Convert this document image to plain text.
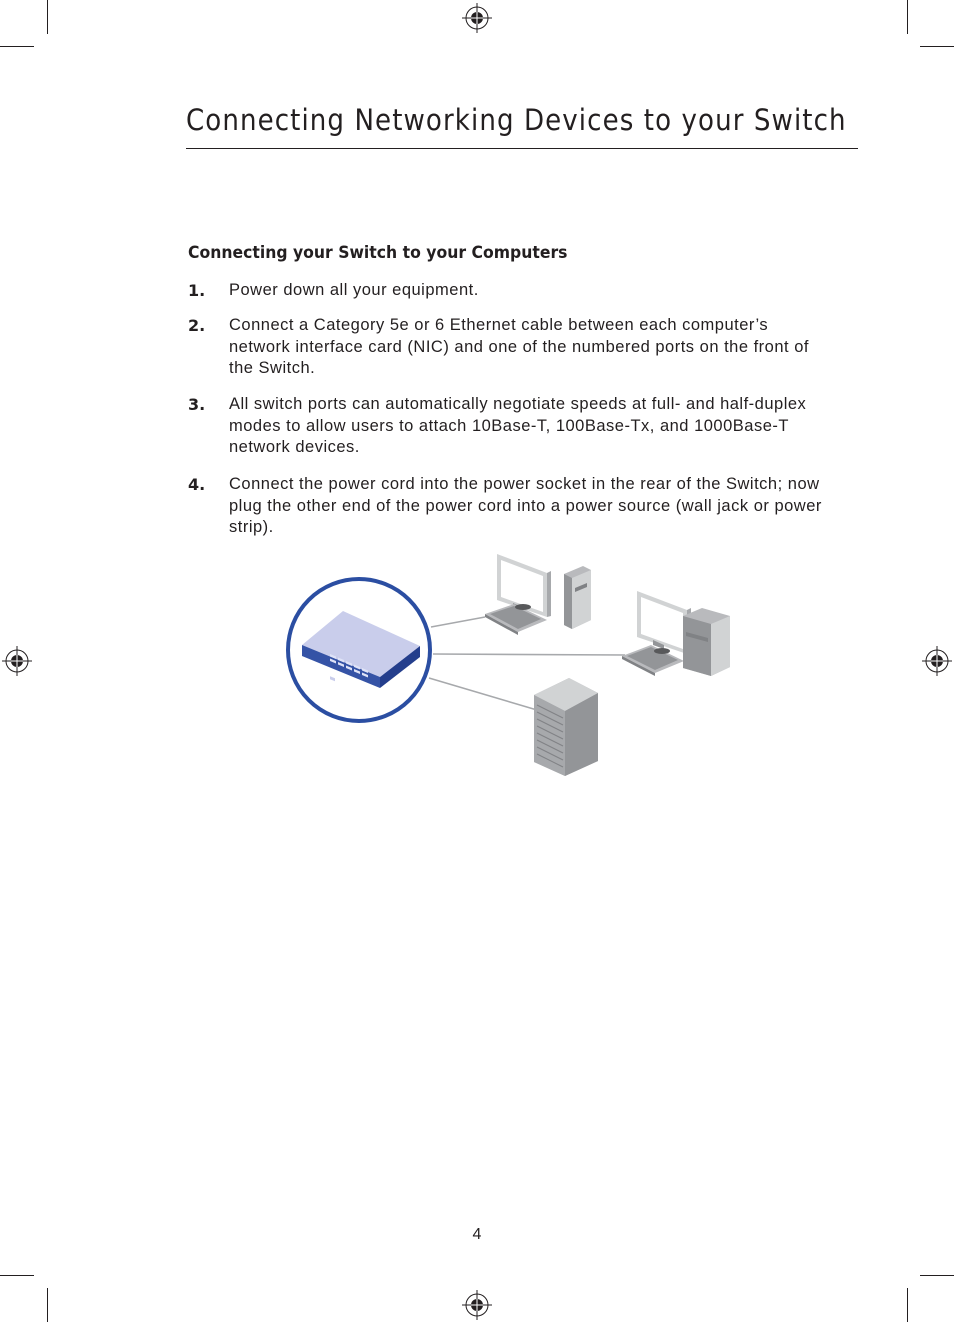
Connecting Networking Devices to your Switch
Connecting your Switch to your Computers
1. Power down all your equipment.
2. Connect a Category 5e or 6 Ethernet cable between each computer’s network interface card (NIC) and one of the numbered ports on the front of the Switch.
3. All switch ports can automatically negotiate speeds at full- and half-duplex modes to allow users to attach 10Base-T, 100Base-Tx, and 1000Base-T network devices.
4. Connect the power cord into the power socket in the rear of the Switch; now plug the other end of the power cord into a power source (wall jack or power strip).
4
